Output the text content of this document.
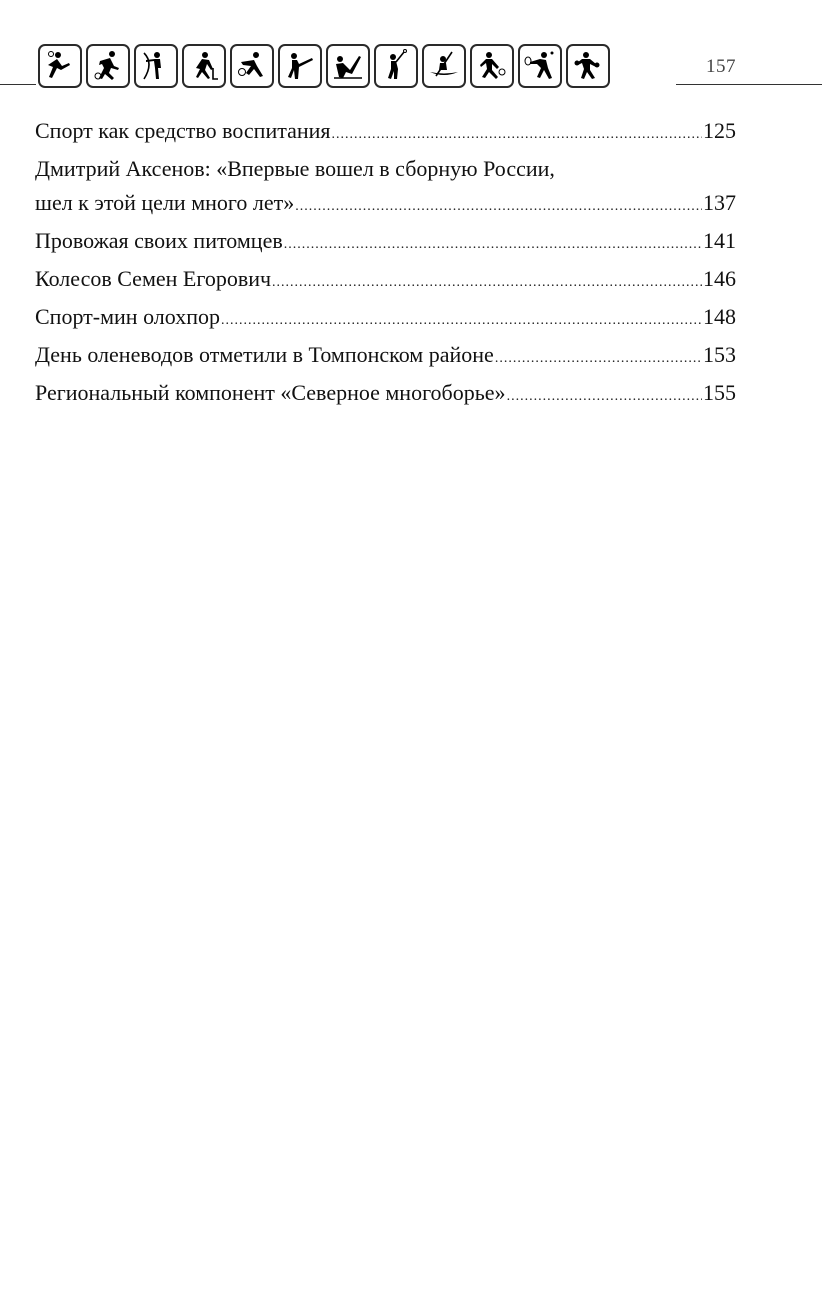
157
Спорт как средство воспитания .....	125
Дмитрий Аксенов: «Впервые вошел в сборную России,
шел к этой цели много лет» .....	137
Провожая своих питомцев .....	141
Колесов Семен Егорович .....	146
Спорт-мин олохпор .....	148
День оленеводов отметили в Томпонском районе .....	153
Региональный компонент «Северное многоборье» .....	155
